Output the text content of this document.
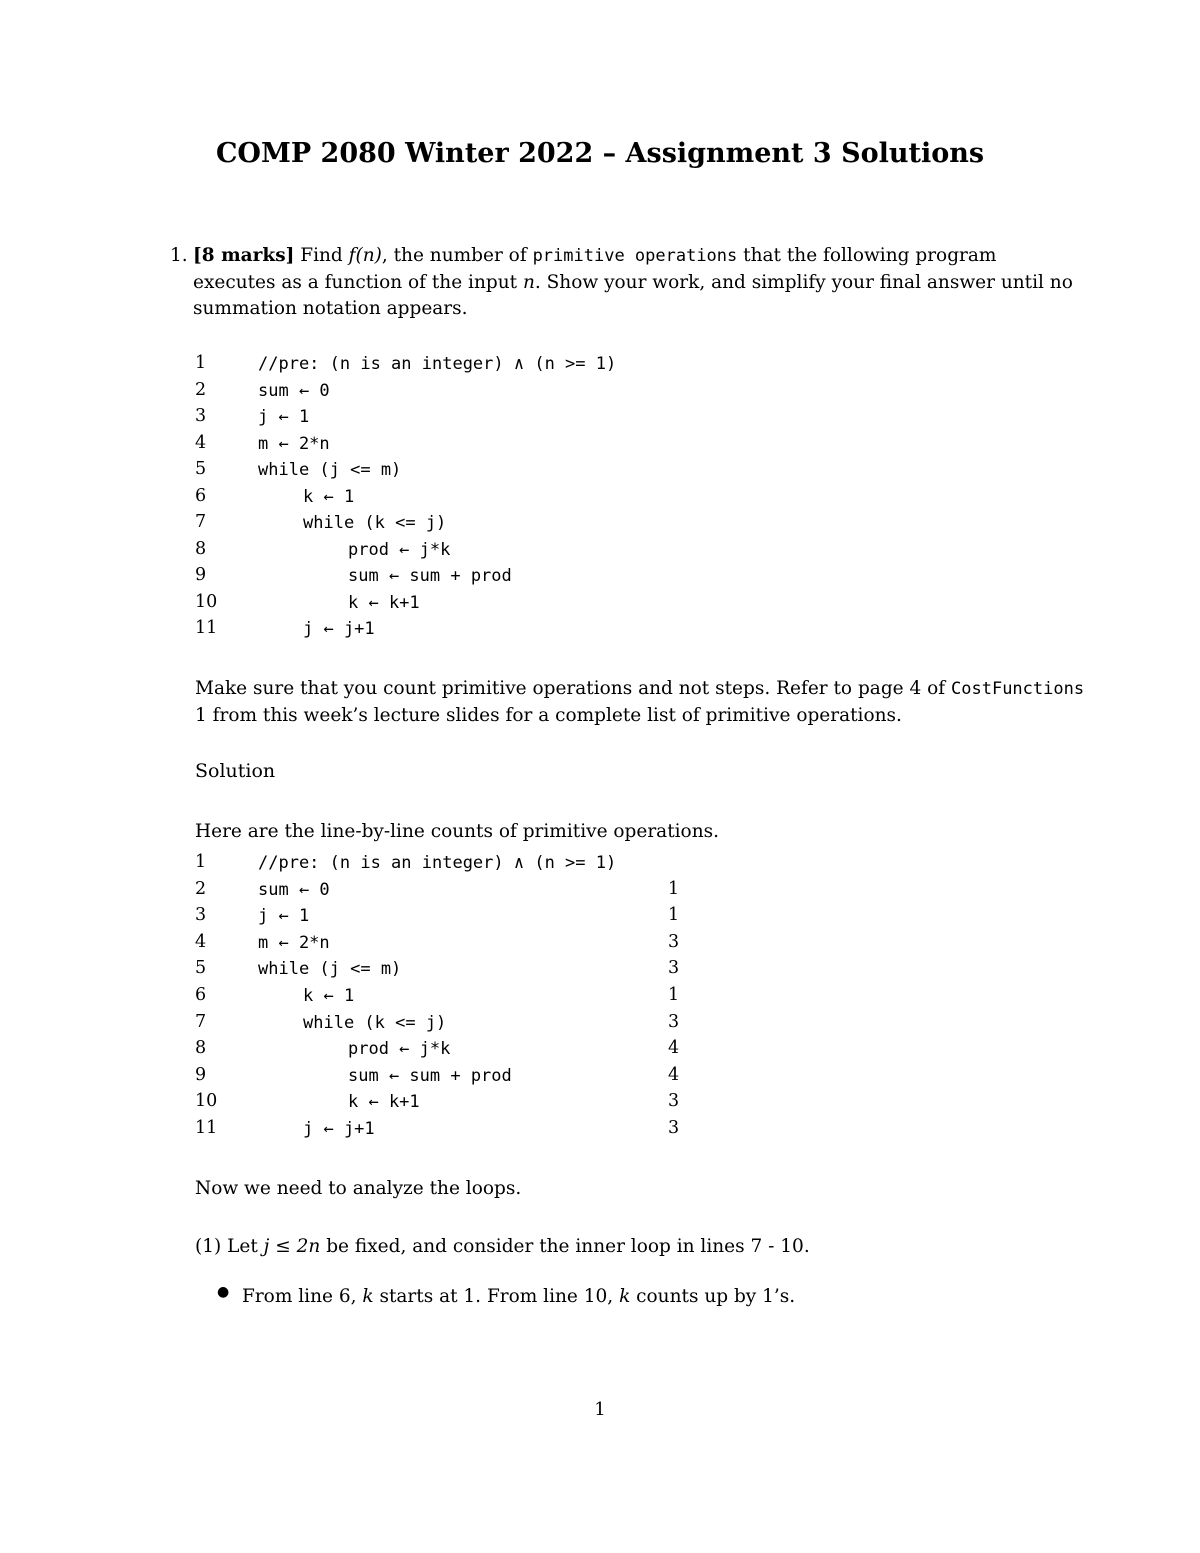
COMP 2080 Winter 2022 – Assignment 3 Solutions
1. [8 marks] Find f(n), the number of primitive operations that the following program executes as a function of the input n. Show your work, and simplify your final answer until no summation notation appears.
1	//pre: (n is an integer) ∧ (n >= 1)
2	sum ← 0
3	j ← 1
4	m ← 2*n
5	while (j <= m)
6	k ← 1
7	while (k <= j)
8	prod ← j*k
9	sum ← sum + prod
10	k ← k+1
11	j ← j+1
Make sure that you count primitive operations and not steps. Refer to page 4 of CostFunctions 1 from this week’s lecture slides for a complete list of primitive operations.
Solution
Here are the line-by-line counts of primitive operations.
1	//pre: (n is an integer) ∧ (n >= 1)
2	sum ← 0	1
3	j ← 1	1
4	m ← 2*n	3
5	while (j <= m)	3
6	k ← 1	1
7	while (k <= j)	3
8	prod ← j*k	4
9	sum ← sum + prod	4
10	k ← k+1	3
11	j ← j+1	3
Now we need to analyze the loops.
(1) Let j ≤ 2n be fixed, and consider the inner loop in lines 7 - 10.
● From line 6, k starts at 1. From line 10, k counts up by 1’s.
1
